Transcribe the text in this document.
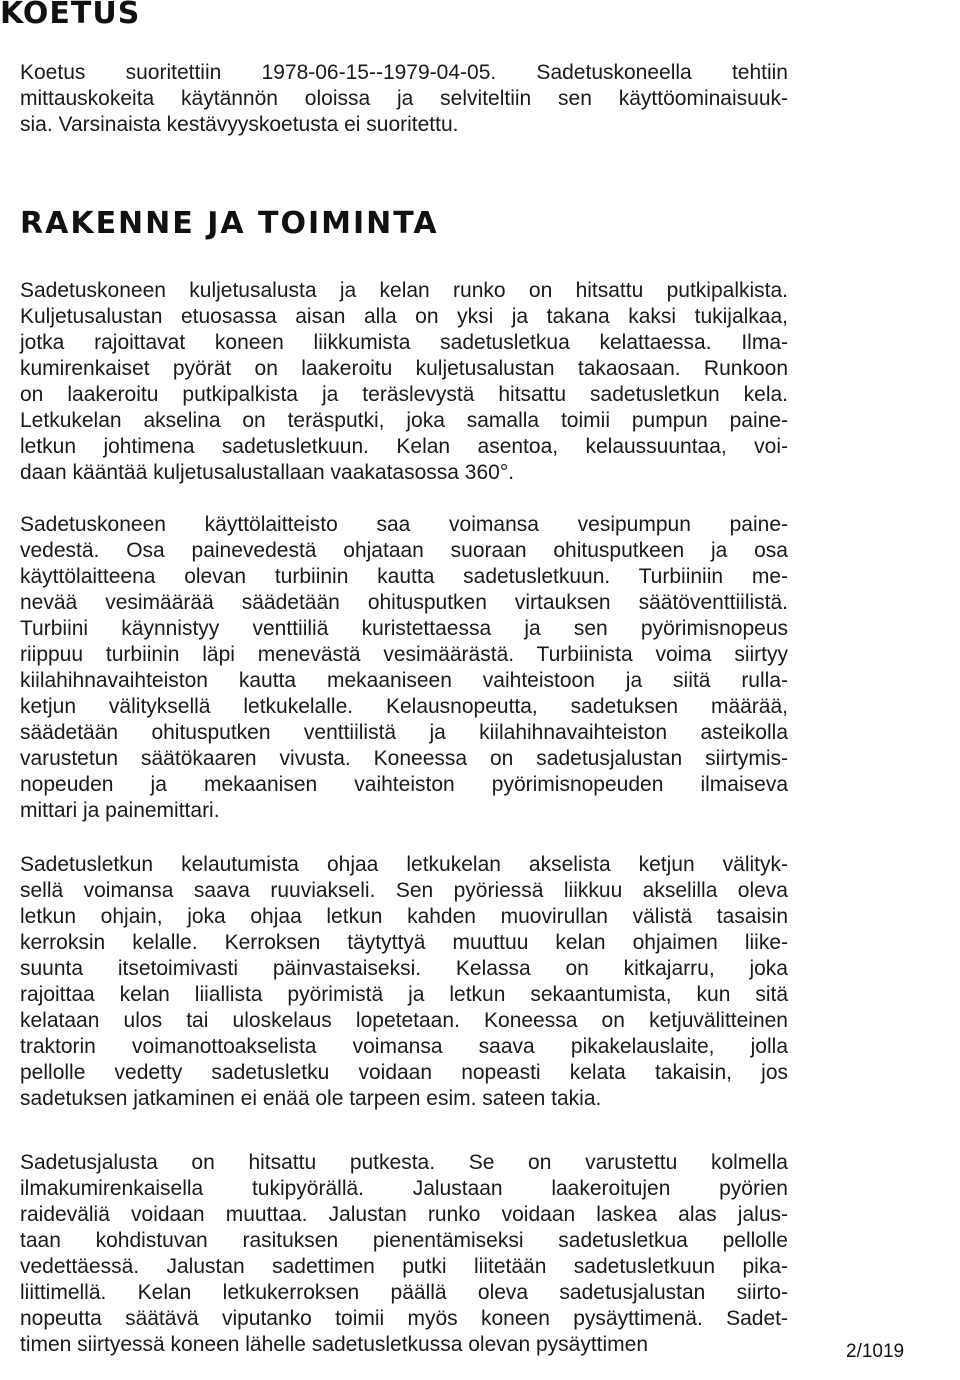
KOETUS
Koetus suoritettiin 1978-06-15--1979-04-05. Sadetuskoneella tehtiin
mittauskokeita käytännön oloissa ja selviteltiin sen käyttöominaisuuk-
sia. Varsinaista kestävyyskoetusta ei suoritettu.
RAKENNE JA TOIMINTA
Sadetuskoneen kuljetusalusta ja kelan runko on hitsattu putkipalkista.
Kuljetusalustan etuosassa aisan alla on yksi ja takana kaksi tukijalkaa,
jotka rajoittavat koneen liikkumista sadetusletkua kelattaessa. Ilma-
kumirenkaiset pyörät on laakeroitu kuljetusalustan takaosaan. Runkoon
on laakeroitu putkipalkista ja teräslevystä hitsattu sadetusletkun kela.
Letkukelan akselina on teräsputki, joka samalla toimii pumpun paine-
letkun johtimena sadetusletkuun. Kelan asentoa, kelaussuuntaa, voi-
daan kääntää kuljetusalustallaan vaakatasossa 360°.
Sadetuskoneen käyttölaitteisto saa voimansa vesipumpun paine-
vedestä. Osa painevedestä ohjataan suoraan ohitusputkeen ja osa
käyttölaitteena olevan turbiinin kautta sadetusletkuun. Turbiiniin me-
nevää vesimäärää säädetään ohitusputken virtauksen säätöventtiilistä.
Turbiini käynnistyy venttiiliä kuristettaessa ja sen pyörimisnopeus
riippuu turbiinin läpi menevästä vesimäärästä. Turbiinista voima siirtyy
kiilahihnavaihteiston kautta mekaaniseen vaihteistoon ja siitä rulla-
ketjun välityksellä letkukelalle. Kelausnopeutta, sadetuksen määrää,
säädetään ohitusputken venttiilistä ja kiilahihnavaihteiston asteikolla
varustetun säätökaaren vivusta. Koneessa on sadetusjalustan siirtymis-
nopeuden ja mekaanisen vaihteiston pyörimisnopeuden ilmaiseva
mittari ja painemittari.
Sadetusletkun kelautumista ohjaa letkukelan akselista ketjun välityk-
sellä voimansa saava ruuviakseli. Sen pyöriessä liikkuu akselilla oleva
letkun ohjain, joka ohjaa letkun kahden muovirullan välistä tasaisin
kerroksin kelalle. Kerroksen täytyttyä muuttuu kelan ohjaimen liike-
suunta itsetoimivasti päinvastaiseksi. Kelassa on kitkajarru, joka
rajoittaa kelan liiallista pyörimistä ja letkun sekaantumista, kun sitä
kelataan ulos tai uloskelaus lopetetaan. Koneessa on ketjuvälitteinen
traktorin voimanottoakselista voimansa saava pikakelauslaite, jolla
pellolle vedetty sadetusletku voidaan nopeasti kelata takaisin, jos
sadetuksen jatkaminen ei enää ole tarpeen esim. sateen takia.
Sadetusjalusta on hitsattu putkesta. Se on varustettu kolmella
ilmakumirenkaisella tukipyörällä. Jalustaan laakeroitujen pyörien
raideväliä voidaan muuttaa. Jalustan runko voidaan laskea alas jalus-
taan kohdistuvan rasituksen pienentämiseksi sadetusletkua pellolle
vedettäessä. Jalustan sadettimen putki liitetään sadetusletkuun pika-
liittimellä. Kelan letkukerroksen päällä oleva sadetusjalustan siirto-
nopeutta säätävä viputanko toimii myös koneen pysäyttimenä. Sadet-
timen siirtyessä koneen lähelle sadetusletkussa olevan pysäyttimen	2/1019
